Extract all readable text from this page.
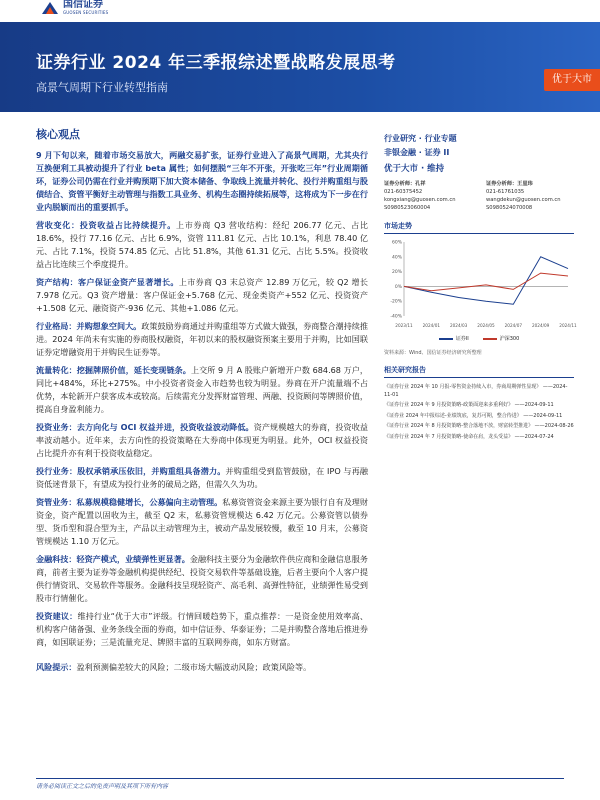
国信证券
GUOSEN SECURITIES
证券行业 2024 年三季报综述暨战略发展思考
高景气周期下行业转型指南
优于大市
核心观点
9 月下旬以来，随着市场交易放大，两融交易扩张，证券行业进入了高景气周期，尤其央行互换便利工具被动提升了行业 beta 属性；如何摆脱“三年不开张，开张吃三年”行业周期循环，证券公司仍需在行业并购预期下加大资本储备、争取线上流量并转化、投行并购重组与股债结合、资管平衡好主动管理与指数工具业务、机构生态圈持续拓展等，这将成为下一步在行业内脱颖而出的重要抓手。
营收变化：投资收益占比持续提升。上市券商 Q3 营收结构：经纪 206.77 亿元、占比 18.6%，投行 77.16 亿元、占比 6.9%，资管 111.81 亿元、占比 10.1%，利息 78.40 亿元、占比 7.1%，投资 574.85 亿元、占比 51.8%，其他 61.31 亿元、占比 5.5%。投资收益占比连续三个季度提升。
资产结构：客户保证金资产显著增长。上市券商 Q3 末总资产 12.89 万亿元，较 Q2 增长 7.978 亿元。Q3 资产增量：客户保证金+5.768 亿元、现金类资产+552 亿元、投资资产+1.508 亿元、融资资产-936 亿元、其他+1.086 亿元。
行业格局：并购想象空间大。政策鼓励券商通过并购重组等方式做大做强，券商整合潮持续推进。2024 年尚未有实施的券商股权融资，年初以来的股权融资预案主要用于并购，比如国联证券定增融资用于并购民生证券等。
流量转化：挖掘牌照价值，延长变现链条。上交所 9 月 A 股账户新增开户数 684.68 万户，同比+484%，环比+275%。中小投资者资金入市趋势也较为明显。券商在开户流量端不占优势，本轮新开户获客成本或较高。后续需充分发挥财富管理、两融、投资顾问等牌照价值，提高自身盈利能力。
投资业务：去方向化与 OCI 权益并进，投资收益波动降低。资产规模越大的券商，投资收益率波动越小。近年来，去方向性的投资策略在大券商中体现更为明显。此外，OCI 权益投资占比提升亦有利于投资收益稳定。
投行业务：股权承销承压依旧，并购重组具备潜力。并购重组受到监管鼓励，在 IPO 与再融资低迷背景下，有望成为投行业务的破局之路，但需久久为功。
资管业务：私募规模稳健增长，公募偏向主动管理。私募资管资金来源主要为银行自有及理财资金，资产配置以固收为主，截至 Q2 末，私募资管规模达 6.42 万亿元。公募资管以债券型、货币型和混合型为主，产品以主动管理为主，被动产品发展较慢，截至 10 月末，公募资管规模达 1.10 万亿元。
金融科技：轻资产模式，业绩弹性更显著。金融科技主要分为金融软件供应商和金融信息服务商，前者主要为证券等金融机构提供经纪、投资交易软件等基础设施，后者主要向个人客户提供行情资讯、交易软件等服务。金融科技呈现轻资产、高毛利、高弹性特征，业绩弹性易受到股市行情催化。
投资建议：维持行业“优于大市”评级。行情回暖趋势下，重点推荐：一是资金使用效率高、机构客户储备强、业务条线全面的券商，如中信证券、华泰证券；二是并购整合落地后推进券商，如国联证券；三是流量充足、牌照丰富的互联网券商，如东方财富。
风险提示：盈利预测偏差较大的风险；二级市场大幅波动风险；政策风险等。
行业研究 · 行业专题
非银金融 · 证券 II
优于大市 · 维持
证券分析师：孔祥
021-60375452
kongxiang@guosen.com.cn
S0980523060004
证券分析师：王星玮
021-61761035
wangdekun@guosen.com.cn
S0980524070008
市场走势
-40%
-20%
0%
20%
40%
60%
2023/11 2024/01 2024/03 2024/05 2024/07 2024/09 2024/11
证券II	沪深300
资料来源：Wind、国信证券经济研究所整理
相关研究报告
《证券行业 2024 年 10 月报-零售资金持续入市，券商周期弹性显现》 ——2024-11-01
《证券行业 2024 年 9 月投资策略-政策面迎来多重利好》 ——2024-09-11
《证券业 2024 年中报综述-业绩筑底，复苏可期，整合待进》 ——2024-09-11
《证券行业 2024 年 8 月投资策略-整合落地不放，财富转型推进》 ——2024-08-26
《证券行业 2024 年 7 月投资策略-使命在肩，龙头受益》 ——2024-07-24
请务必阅读正文之后的免责声明及其项下所有内容
